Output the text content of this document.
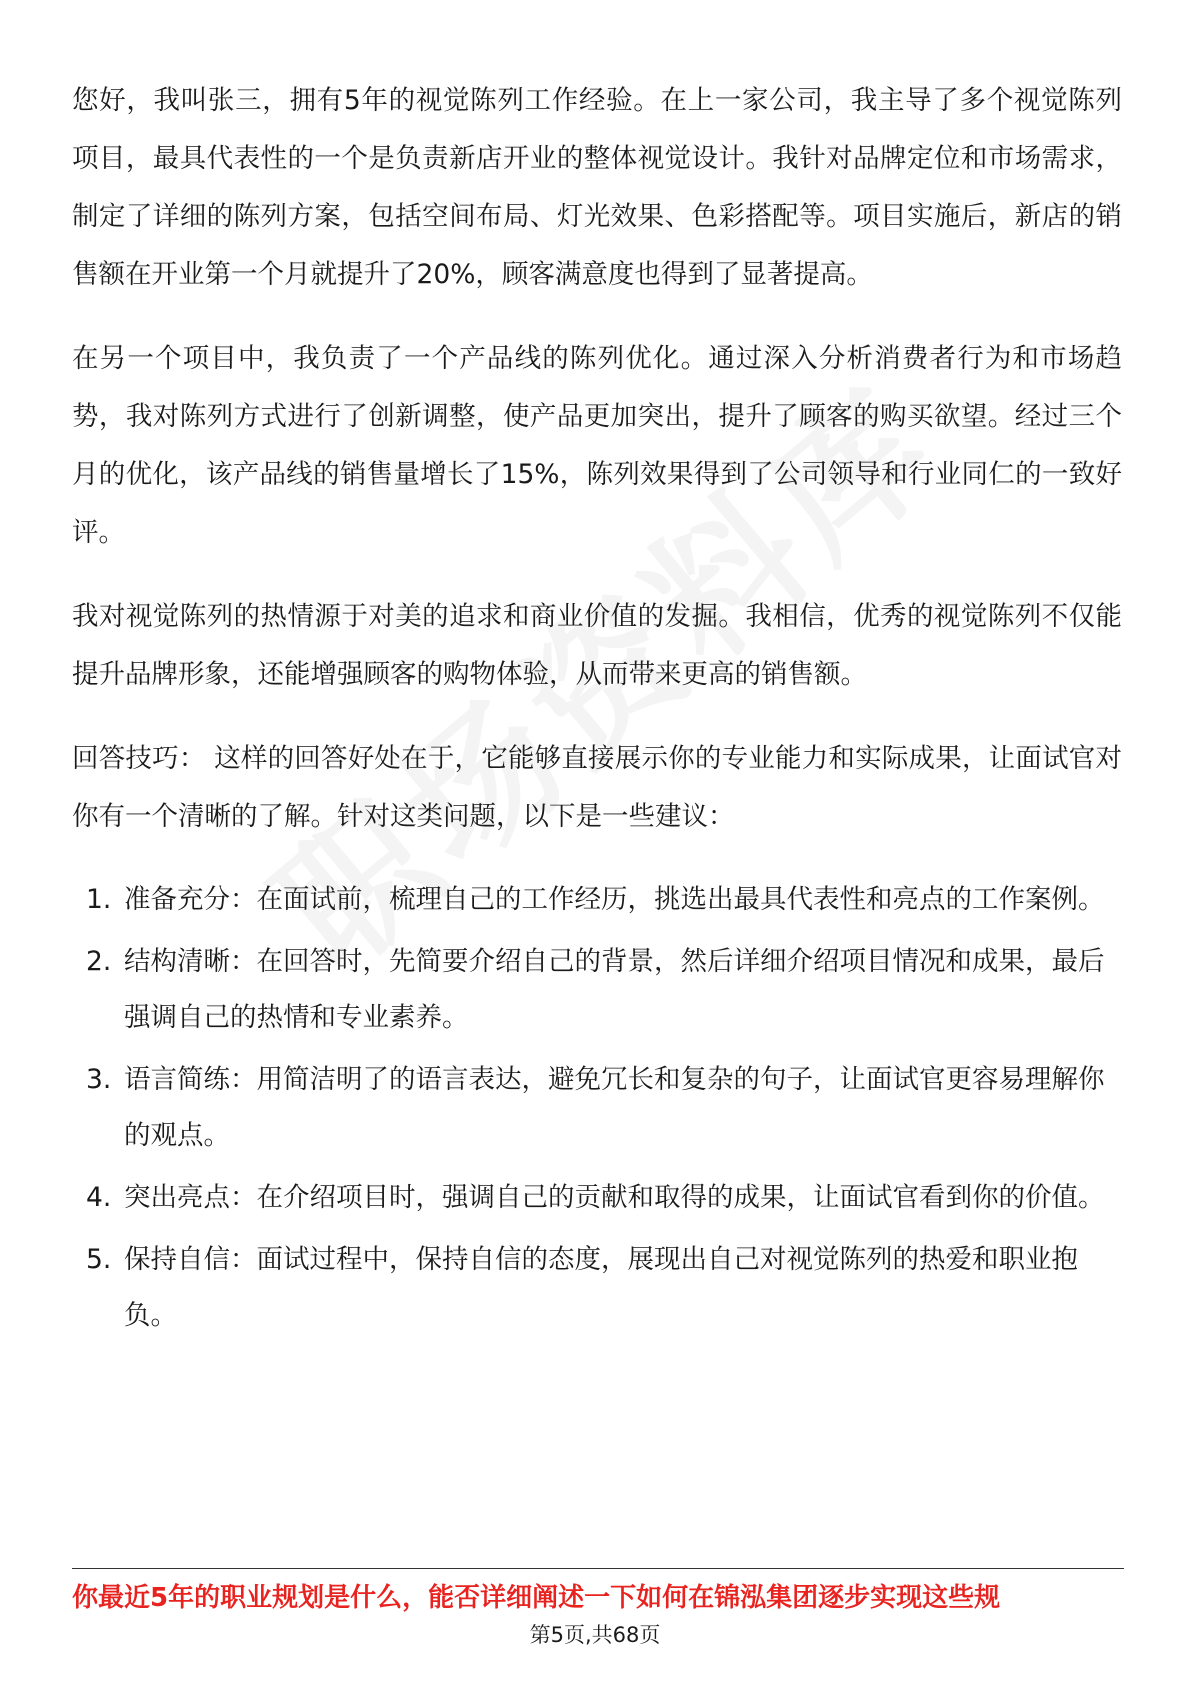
您好，我叫张三，拥有5年的视觉陈列工作经验。在上一家公司，我主导了多个视觉陈列项目，最具代表性的一个是负责新店开业的整体视觉设计。我针对品牌定位和市场需求，制定了详细的陈列方案，包括空间布局、灯光效果、色彩搭配等。项目实施后，新店的销售额在开业第一个月就提升了20%，顾客满意度也得到了显著提高。

在另一个项目中，我负责了一个产品线的陈列优化。通过深入分析消费者行为和市场趋势，我对陈列方式进行了创新调整，使产品更加突出，提升了顾客的购买欲望。经过三个月的优化，该产品线的销售量增长了15%，陈列效果得到了公司领导和行业同仁的一致好评。

我对视觉陈列的热情源于对美的追求和商业价值的发掘。我相信，优秀的视觉陈列不仅能提升品牌形象，还能增强顾客的购物体验，从而带来更高的销售额。

回答技巧： 这样的回答好处在于，它能够直接展示你的专业能力和实际成果，让面试官对你有一个清晰的了解。针对这类问题，以下是一些建议：

1. 准备充分：在面试前，梳理自己的工作经历，挑选出最具代表性和亮点的工作案例。
2. 结构清晰：在回答时，先简要介绍自己的背景，然后详细介绍项目情况和成果，最后强调自己的热情和专业素养。
3. 语言简练：用简洁明了的语言表达，避免冗长和复杂的句子，让面试官更容易理解你的观点。
4. 突出亮点：在介绍项目时，强调自己的贡献和取得的成果，让面试官看到你的价值。
5. 保持自信：面试过程中，保持自信的态度，展现出自己对视觉陈列的热爱和职业抱负。
你最近5年的职业规划是什么，能否详细阐述一下如何在锦泓集团逐步实现这些规
第5页,共68页
